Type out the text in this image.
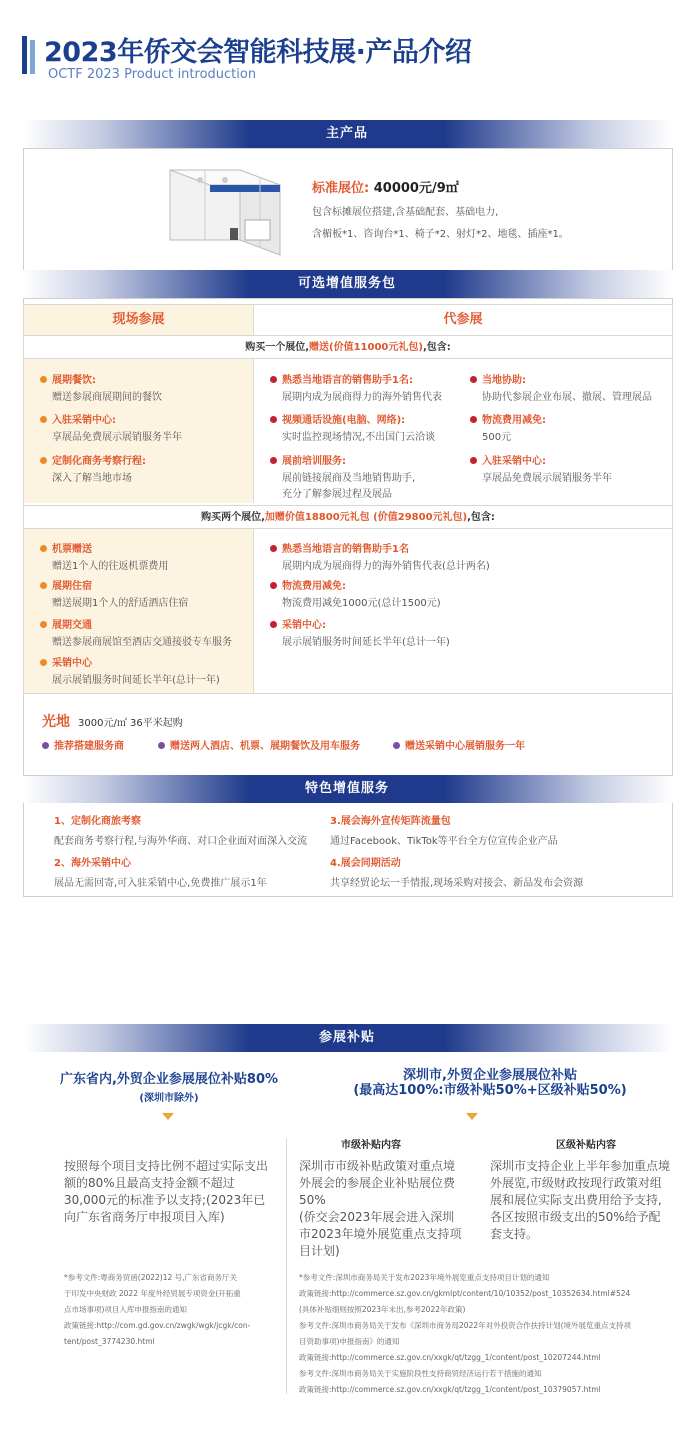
2023年侨交会智能科技展·产品介绍
OCTF 2023 Product introduction
主产品
标准展位: 40000元/9㎡
包含标摊展位搭建,含基础配套、基础电力,
含楣板*1、咨询台*1、椅子*2、射灯*2、地毯、插座*1。
可选增值服务包
现场参展	代参展
购买一个展位,赠送(价值11000元礼包),包含:
购买两个展位,加赠价值18800元礼包 (价值29800元礼包),包含:
展期餐饮:
赠送参展商展期间的餐饮
入驻采销中心:
享展品免费展示展销服务半年
定制化商务考察行程:
深入了解当地市场
熟悉当地语言的销售助手1名:
展期内成为展商得力的海外销售代表
视频通话设施(电脑、网络):
实时监控现场情况,不出国门云洽谈
展前培训服务:
展前链接展商及当地销售助手,
充分了解参展过程及展品
当地协助:
协助代参展企业布展、撤展、管理展品
物流费用减免:
500元
入驻采销中心:
享展品免费展示展销服务半年
机票赠送
赠送1个人的往返机票费用
展期住宿
赠送展期1个人的舒适酒店住宿
展期交通
赠送参展商展馆至酒店交通接驳专车服务
采销中心
展示展销服务时间延长半年(总计一年)
熟悉当地语言的销售助手1名
展期内成为展商得力的海外销售代表(总计两名)
物流费用减免:
物流费用减免1000元(总计1500元)
采销中心:
展示展销服务时间延长半年(总计一年)
光地 3000元/㎡ 36平米起购
推荐搭建服务商	赠送两人酒店、机票、展期餐饮及用车服务	赠送采销中心展销服务一年
特色增值服务
1、定制化商旅考察
配套商务考察行程,与海外华商、对口企业面对面深入交流
2、海外采销中心
展品无需回寄,可入驻采销中心,免费推广展示1年
3.展会海外宣传矩阵流量包
通过Facebook、TikTok等平台全方位宣传企业产品
4.展会同期活动
共享经贸论坛一手情报,现场采购对接会、新品发布会资源
参展补贴
广东省内,外贸企业参展展位补贴80%
(深圳市除外)
深圳市,外贸企业参展展位补贴
(最高达100%:市级补贴50%+区级补贴50%)
市级补贴内容	区级补贴内容
按照每个项目支持比例不超过实际支出额的80%且最高支持金额不超过30,000元的标准予以支持;(2023年已向广东省商务厅申报项目入库)
深圳市市级补贴政策对重点境外展会的参展企业补贴展位费50%
(侨交会2023年展会进入深圳市2023年境外展览重点支持项目计划)
深圳市支持企业上半年参加重点境外展览,市级财政按现行政策对组展和展位实际支出费用给予支持,各区按照市级支出的50%给予配套支持。
*参考文件:粤商务贸函(2022)12 号,广东省商务厅关
于印发中央财政 2022 年度外经贸展专项资金(开拓重
点市场事项)项目入库申报指南的通知
政策链接:http://com.gd.gov.cn/zwgk/wgk/jcgk/con-
tent/post_3774230.html
*参考文件:深圳市商务局关于发布2023年境外展览重点支持项目计划的通知
政策链接:http://commerce.sz.gov.cn/gkmlpt/content/10/10352/post_10352634.html#524
(具体补贴细则按照2023年未出,参考2022年政策)
参考文件:深圳市商务局关于发布《深圳市商务局2022年对外投资合作扶持计划(境外展览重点支持项
目资助事项)申报指南》的通知
政策链接:http://commerce.sz.gov.cn/xxgk/qt/tzgg_1/content/post_10207244.html
参考文件:深圳市商务局关于实施阶段性支持商贸经济运行若干措施的通知
政策链接:http://commerce.sz.gov.cn/xxgk/qt/tzgg_1/content/post_10379057.html
